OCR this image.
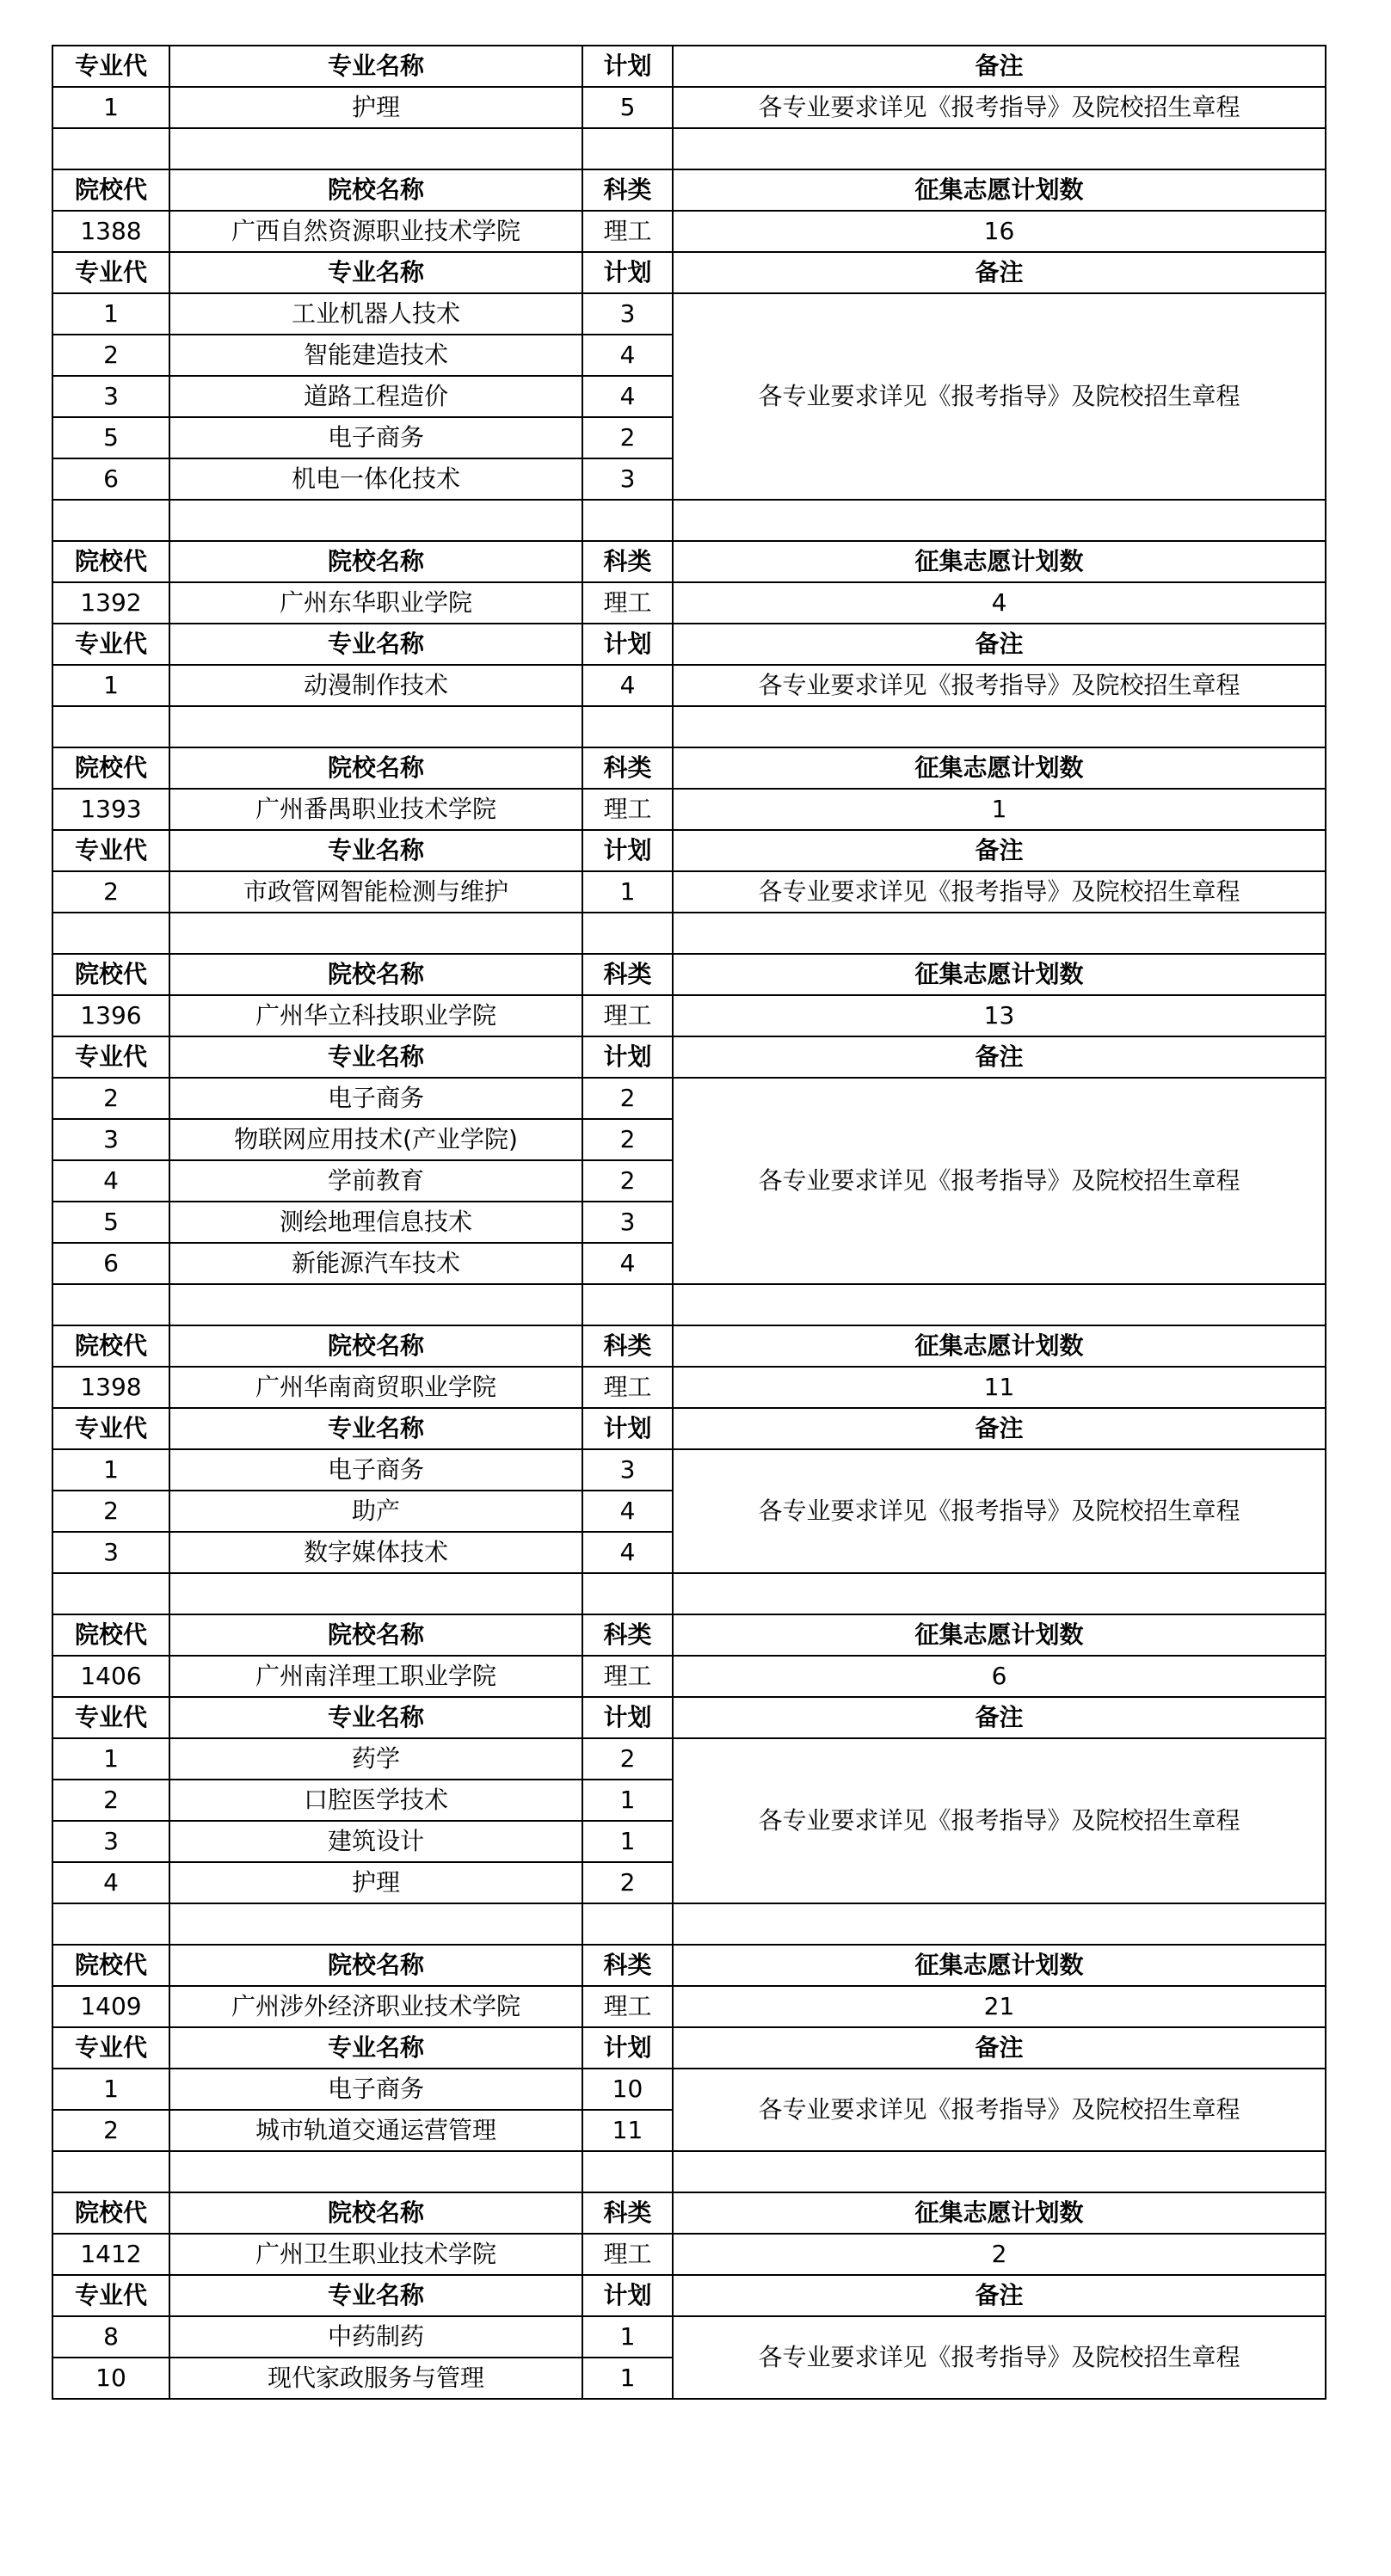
专业代	专业名称	计划	备注
1	护理	5	各专业要求详见《报考指导》及院校招生章程

院校代	院校名称	科类	征集志愿计划数
1388	广西自然资源职业技术学院	理工	16
专业代	专业名称	计划	备注
1	工业机器人技术	3	各专业要求详见《报考指导》及院校招生章程
2	智能建造技术	4	
3	道路工程造价	4	
5	电子商务	2	
6	机电一体化技术	3	

院校代	院校名称	科类	征集志愿计划数
1392	广州东华职业学院	理工	4
专业代	专业名称	计划	备注
1	动漫制作技术	4	各专业要求详见《报考指导》及院校招生章程

院校代	院校名称	科类	征集志愿计划数
1393	广州番禺职业技术学院	理工	1
专业代	专业名称	计划	备注
2	市政管网智能检测与维护	1	各专业要求详见《报考指导》及院校招生章程

院校代	院校名称	科类	征集志愿计划数
1396	广州华立科技职业学院	理工	13
专业代	专业名称	计划	备注
2	电子商务	2	各专业要求详见《报考指导》及院校招生章程
3	物联网应用技术(产业学院)	2	
4	学前教育	2	
5	测绘地理信息技术	3	
6	新能源汽车技术	4	

院校代	院校名称	科类	征集志愿计划数
1398	广州华南商贸职业学院	理工	11
专业代	专业名称	计划	备注
1	电子商务	3	各专业要求详见《报考指导》及院校招生章程
2	助产	4	
3	数字媒体技术	4	

院校代	院校名称	科类	征集志愿计划数
1406	广州南洋理工职业学院	理工	6
专业代	专业名称	计划	备注
1	药学	2	各专业要求详见《报考指导》及院校招生章程
2	口腔医学技术	1	
3	建筑设计	1	
4	护理	2	

院校代	院校名称	科类	征集志愿计划数
1409	广州涉外经济职业技术学院	理工	21
专业代	专业名称	计划	备注
1	电子商务	10	各专业要求详见《报考指导》及院校招生章程
2	城市轨道交通运营管理	11	

院校代	院校名称	科类	征集志愿计划数
1412	广州卫生职业技术学院	理工	2
专业代	专业名称	计划	备注
8	中药制药	1	各专业要求详见《报考指导》及院校招生章程
10	现代家政服务与管理	1	
